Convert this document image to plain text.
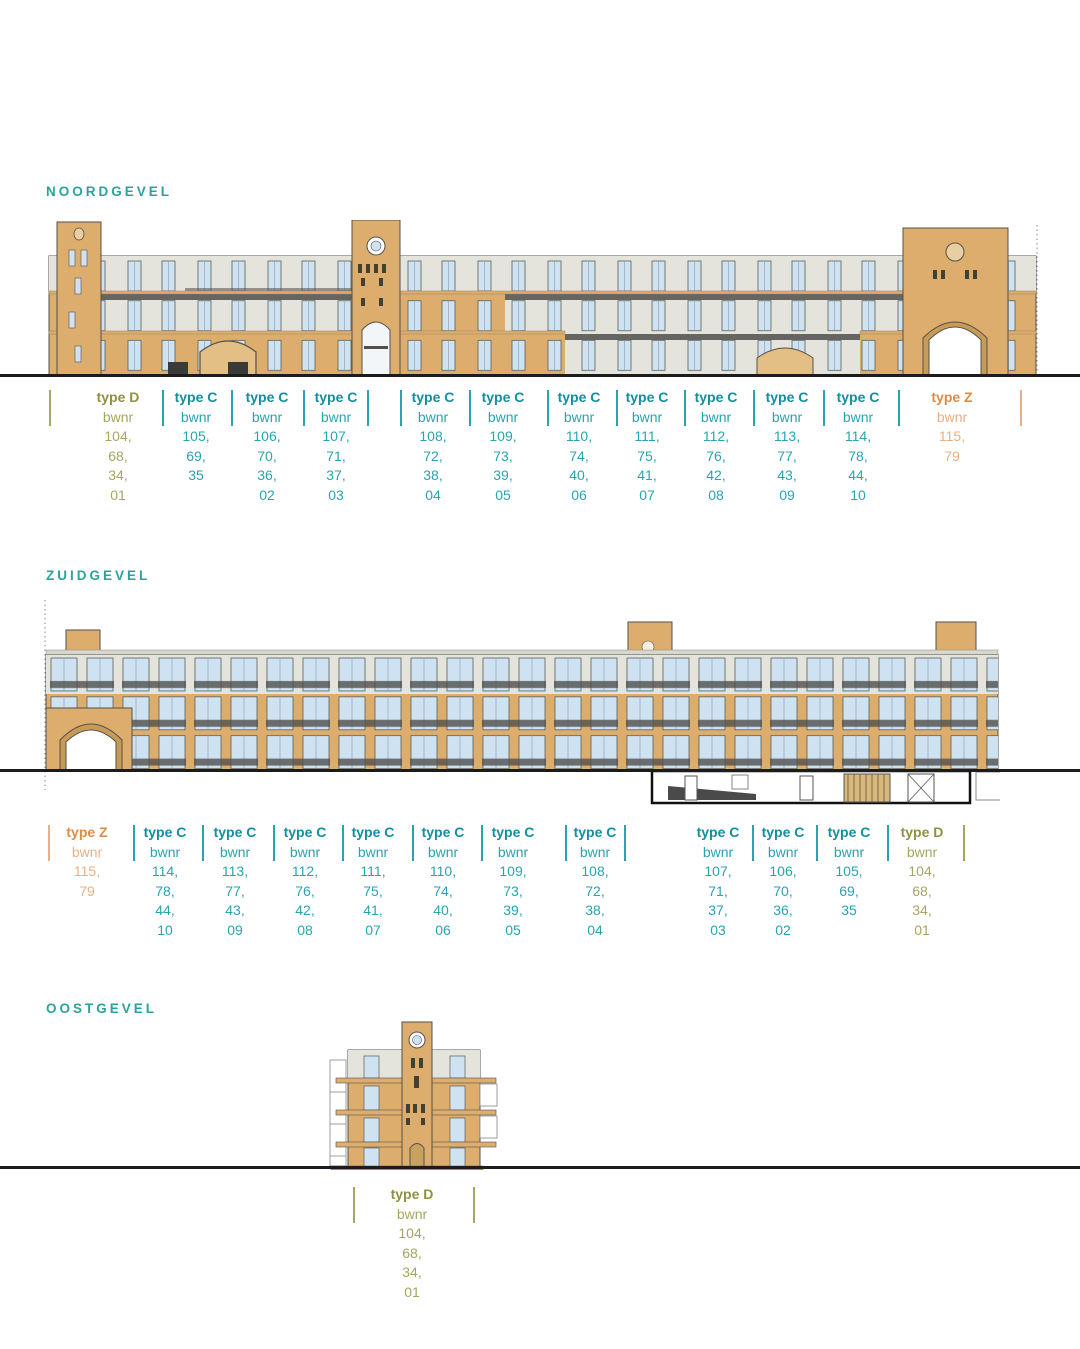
NOORDGEVEL
type D
bwnr
104,
68,
34,
01
type C
bwnr
105,
69,
35
type C
bwnr
106,
70,
36,
02
type C
bwnr
107,
71,
37,
03
type C
bwnr
108,
72,
38,
04
type C
bwnr
109,
73,
39,
05
type C
bwnr
110,
74,
40,
06
type C
bwnr
111,
75,
41,
07
type C
bwnr
112,
76,
42,
08
type C
bwnr
113,
77,
43,
09
type C
bwnr
114,
78,
44,
10
type Z
bwnr
115,
79
ZUIDGEVEL
type Z
bwnr
115,
79
type C
bwnr
114,
78,
44,
10
type C
bwnr
113,
77,
43,
09
type C
bwnr
112,
76,
42,
08
type C
bwnr
111,
75,
41,
07
type C
bwnr
110,
74,
40,
06
type C
bwnr
109,
73,
39,
05
type C
bwnr
108,
72,
38,
04
type C
bwnr
107,
71,
37,
03
type C
bwnr
106,
70,
36,
02
type C
bwnr
105,
69,
35
type D
bwnr
104,
68,
34,
01
OOSTGEVEL
type D
bwnr
104,
68,
34,
01
